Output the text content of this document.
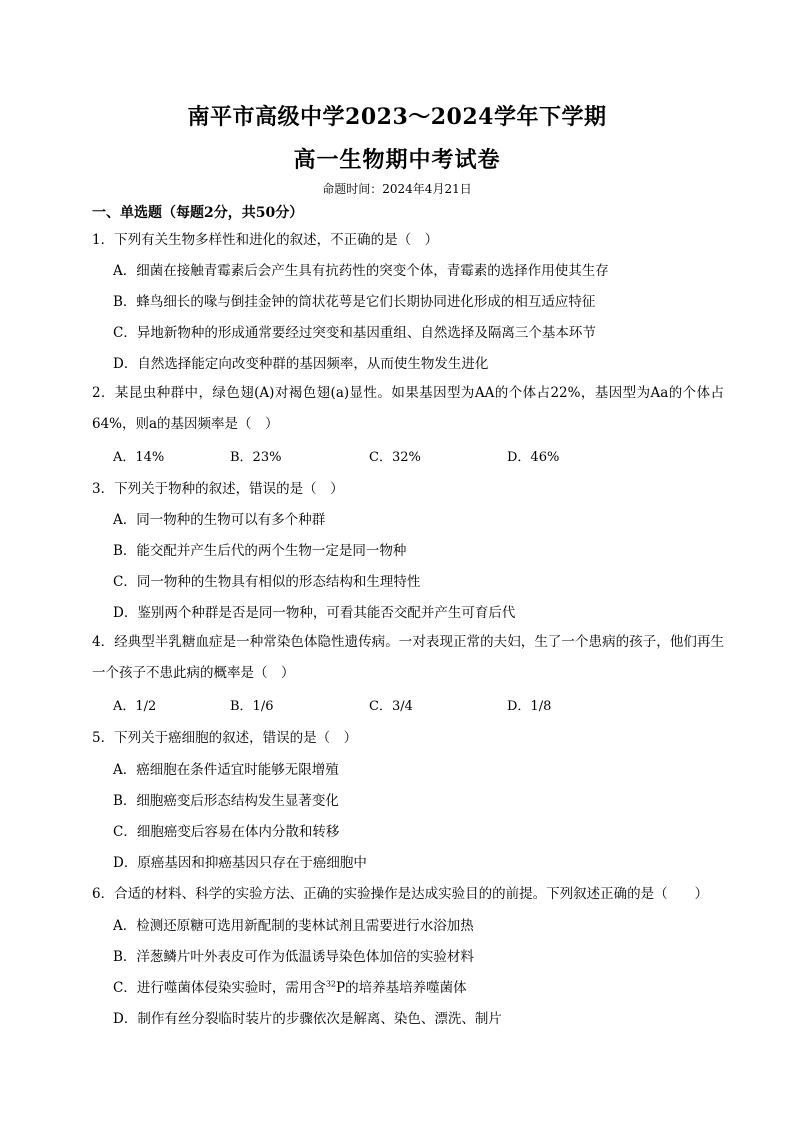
南平市高级中学2023～2024学年下学期
高一生物期中考试卷
命题时间：2024年4月21日
一、单选题（每题2分，共50分）
1．下列有关生物多样性和进化的叙述，不正确的是（　）
A．细菌在接触青霉素后会产生具有抗药性的突变个体，青霉素的选择作用使其生存
B．蜂鸟细长的喙与倒挂金钟的筒状花萼是它们长期协同进化形成的相互适应特征
C．异地新物种的形成通常要经过突变和基因重组、自然选择及隔离三个基本环节
D．自然选择能定向改变种群的基因频率，从而使生物发生进化
2．某昆虫种群中，绿色翅(A)对褐色翅(a)显性。如果基因型为AA的个体占22%，基因型为Aa的个体占64%，则a的基因频率是（　）
A．14%	B．23%	C．32%	D．46%
3．下列关于物种的叙述，错误的是（　）
A．同一物种的生物可以有多个种群
B．能交配并产生后代的两个生物一定是同一物种
C．同一物种的生物具有相似的形态结构和生理特性
D．鉴别两个种群是否是同一物种，可看其能否交配并产生可育后代
4．经典型半乳糖血症是一种常染色体隐性遗传病。一对表现正常的夫妇，生了一个患病的孩子，他们再生一个孩子不患此病的概率是（　）
A．1/2	B．1/6	C．3/4	D．1/8
5．下列关于癌细胞的叙述，错误的是（　）
A．癌细胞在条件适宜时能够无限增殖
B．细胞癌变后形态结构发生显著变化
C．细胞癌变后容易在体内分散和转移
D．原癌基因和抑癌基因只存在于癌细胞中
6．合适的材料、科学的实验方法、正确的实验操作是达成实验目的的前提。下列叙述正确的是（　　）
A．检测还原糖可选用新配制的斐林试剂且需要进行水浴加热
B．洋葱鳞片叶外表皮可作为低温诱导染色体加倍的实验材料
C．进行噬菌体侵染实验时，需用含$^{32}$P的培养基培养噬菌体
D．制作有丝分裂临时装片的步骤依次是解离、染色、漂洗、制片
